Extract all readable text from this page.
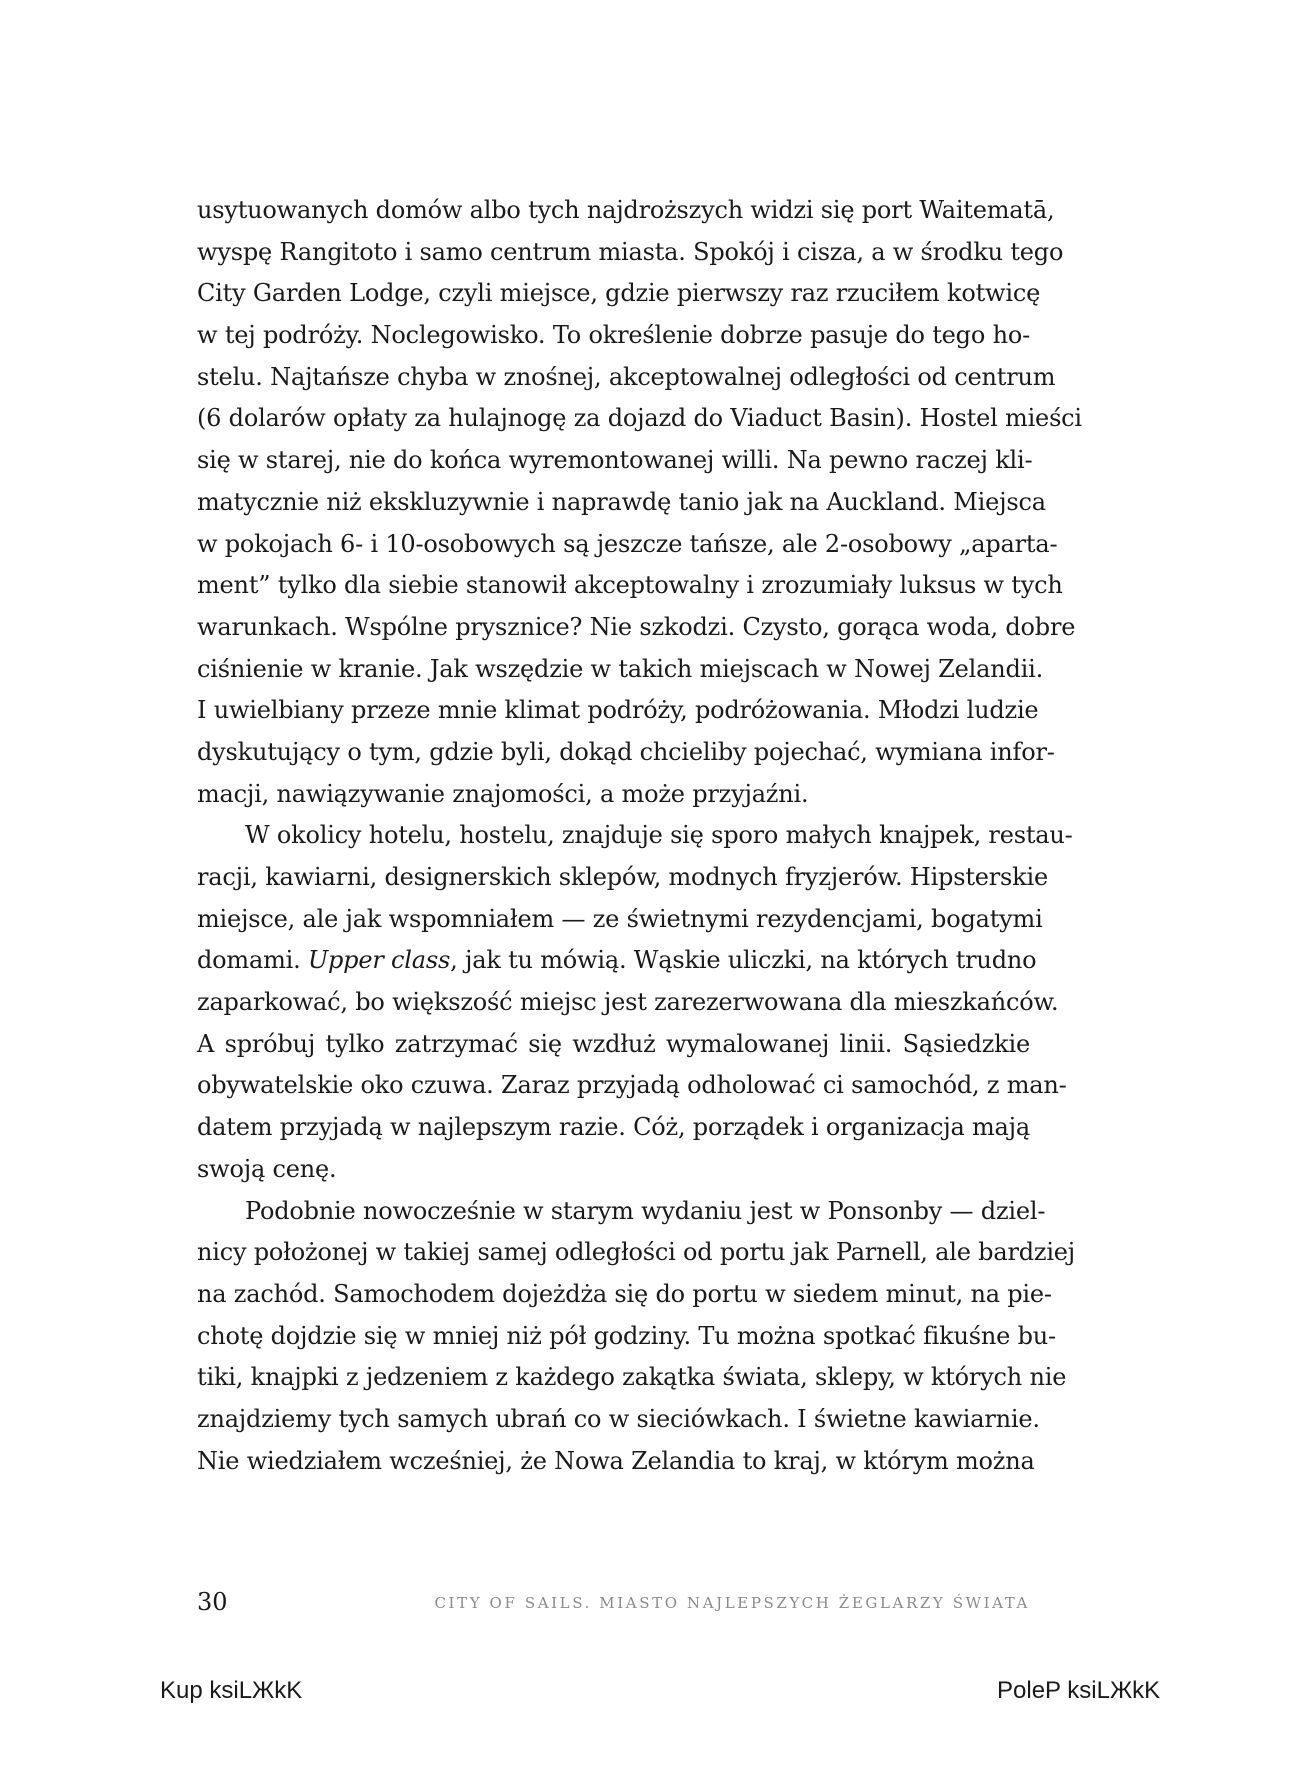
usytuowanych domów albo tych najdroższych widzi się port Waitematā,
wyspę Rangitoto i samo centrum miasta. Spokój i cisza, a w środku tego
City Garden Lodge, czyli miejsce, gdzie pierwszy raz rzuciłem kotwicę
w tej podróży. Noclegowisko. To określenie dobrze pasuje do tego ho-
stelu. Najtańsze chyba w znośnej, akceptowalnej odległości od centrum
(6 dolarów opłaty za hulajnogę za dojazd do Viaduct Basin). Hostel mieści
się w starej, nie do końca wyremontowanej willi. Na pewno raczej kli-
matycznie niż ekskluzywnie i naprawdę tanio jak na Auckland. Miejsca
w pokojach 6- i 10-osobowych są jeszcze tańsze, ale 2-osobowy „aparta-
ment” tylko dla siebie stanowił akceptowalny i zrozumiały luksus w tych
warunkach. Wspólne prysznice? Nie szkodzi. Czysto, gorąca woda, dobre
ciśnienie w kranie. Jak wszędzie w takich miejscach w Nowej Zelandii.
I uwielbiany przeze mnie klimat podróży, podróżowania. Młodzi ludzie
dyskutujący o tym, gdzie byli, dokąd chcieliby pojechać, wymiana infor-
macji, nawiązywanie znajomości, a może przyjaźni.
W okolicy hotelu, hostelu, znajduje się sporo małych knajpek, restau-
racji, kawiarni, designerskich sklepów, modnych fryzjerów. Hipsterskie
miejsce, ale jak wspomniałem — ze świetnymi rezydencjami, bogatymi
domami. Upper class, jak tu mówią. Wąskie uliczki, na których trudno
zaparkować, bo większość miejsc jest zarezerwowana dla mieszkańców.
A spróbuj tylko zatrzymać się wzdłuż wymalowanej linii. Sąsiedzkie
obywatelskie oko czuwa. Zaraz przyjadą odholować ci samochód, z man-
datem przyjadą w najlepszym razie. Cóż, porządek i organizacja mają
swoją cenę.
Podobnie nowocześnie w starym wydaniu jest w Ponsonby — dziel-
nicy położonej w takiej samej odległości od portu jak Parnell, ale bardziej
na zachód. Samochodem dojeżdża się do portu w siedem minut, na pie-
chotę dojdzie się w mniej niż pół godziny. Tu można spotkać fikuśne bu-
tiki, knajpki z jedzeniem z każdego zakątka świata, sklepy, w których nie
znajdziemy tych samych ubrań co w sieciówkach. I świetne kawiarnie.
Nie wiedziałem wcześniej, że Nowa Zelandia to kraj, w którym można
30	CITY OF SAILS. MIASTO NAJLEPSZYCH ŻEGLARZY ŚWIATA
Kup ksiLЖkK	PoleP ksiLЖkK
